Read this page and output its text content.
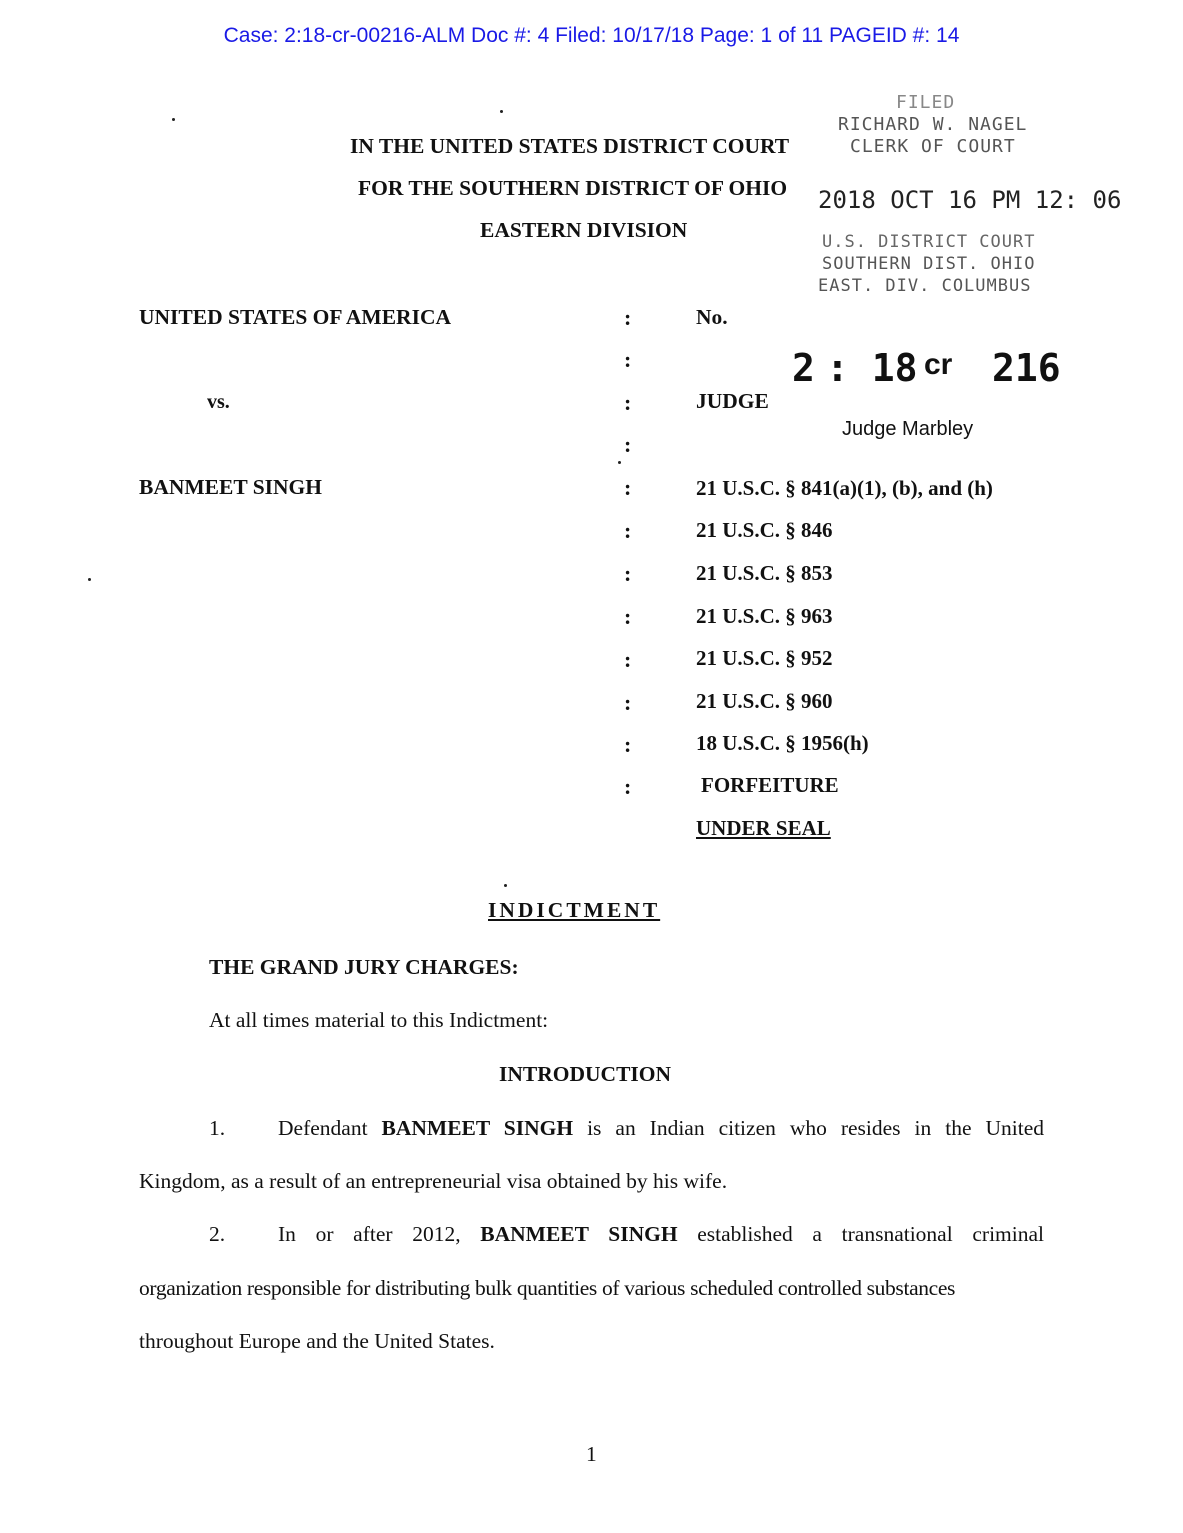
Case: 2:18-cr-00216-ALM Doc #: 4 Filed: 10/17/18 Page: 1 of 11 PAGEID #: 14
IN THE UNITED STATES DISTRICT COURT
FOR THE SOUTHERN DISTRICT OF OHIO
EASTERN DIVISION
FILED
RICHARD W. NAGEL
CLERK OF COURT
2018 OCT 16 PM 12: 06
U.S. DISTRICT COURT
SOUTHERN DIST. OHIO
EAST. DIV. COLUMBUS
UNITED STATES OF AMERICA
vs.
BANMEET SINGH
:
:
:
:
:
:
:
:
:
:
:
:
No.
2 : 18 cr 216
JUDGE
Judge Marbley
21 U.S.C. § 841(a)(1), (b), and (h)
21 U.S.C. § 846
21 U.S.C. § 853
21 U.S.C. § 963
21 U.S.C. § 952
21 U.S.C. § 960
18 U.S.C. § 1956(h)
FORFEITURE
UNDER SEAL
INDICTMENT
THE GRAND JURY CHARGES:
At all times material to this Indictment:
INTRODUCTION
1. Defendant BANMEET SINGH is an Indian citizen who resides in the United
Kingdom, as a result of an entrepreneurial visa obtained by his wife.
2. In or after 2012, BANMEET SINGH established a transnational criminal
organization responsible for distributing bulk quantities of various scheduled controlled substances
throughout Europe and the United States.
1
